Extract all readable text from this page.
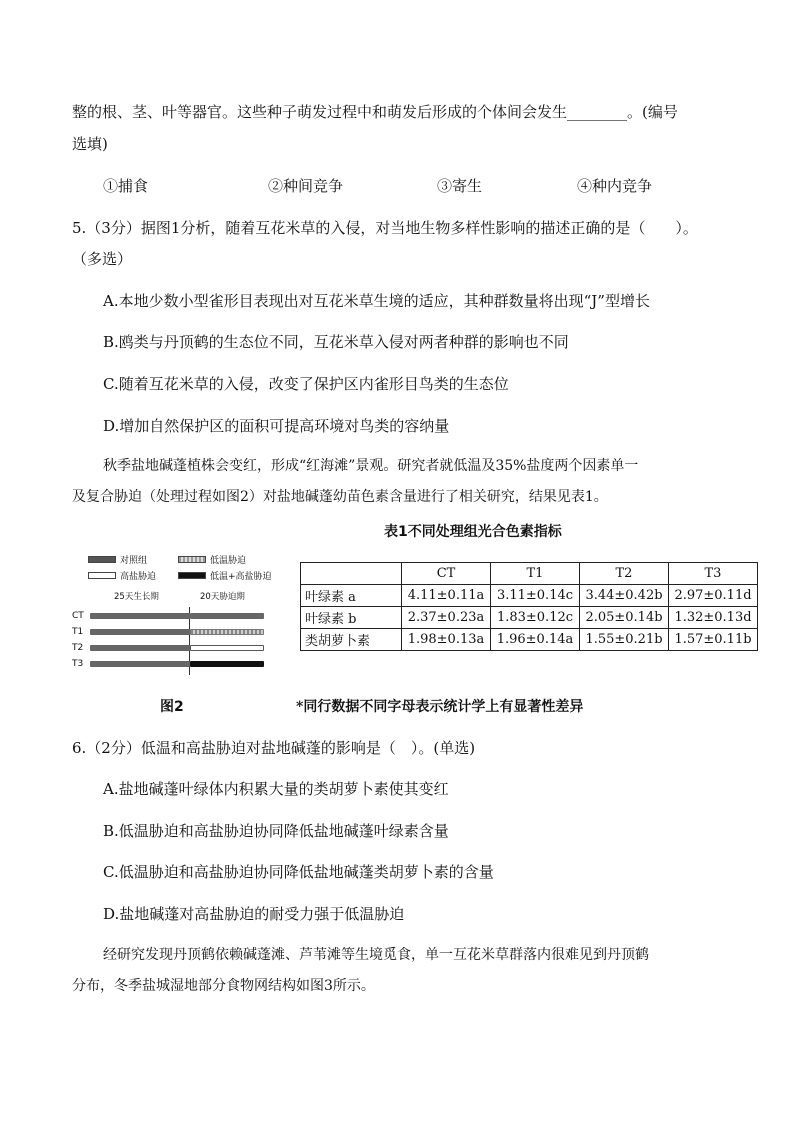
整的根、茎、叶等器官。这些种子萌发过程中和萌发后形成的个体间会发生________。(编号
选填)
①捕食	②种间竞争	③寄生	④种内竞争
5.（3分）据图1分析，随着互花米草的入侵，对当地生物多样性影响的描述正确的是（　　）。
（多选）
A.本地少数小型雀形目表现出对互花米草生境的适应，其种群数量将出现“J”型增长
B.鸥类与丹顶鹤的生态位不同，互花米草入侵对两者种群的影响也不同
C.随着互花米草的入侵，改变了保护区内雀形目鸟类的生态位
D.增加自然保护区的面积可提高环境对鸟类的容纳量
秋季盐地碱蓬植株会变红，形成“红海滩”景观。研究者就低温及35%盐度两个因素单一
及复合胁迫（处理过程如图2）对盐地碱蓬幼苗色素含量进行了相关研究，结果见表1。
表1不同处理组光合色素指标
对照组	低温胁迫
高盐胁迫	低温+高盐胁迫
25天生长期	20天胁迫期
CT
T1
T2
T3
	CT	T1	T2	T3
叶绿素 a	4.11±0.11a	3.11±0.14c	3.44±0.42b	2.97±0.11d
叶绿素 b	2.37±0.23a	1.83±0.12c	2.05±0.14b	1.32±0.13d
类胡萝卜素	1.98±0.13a	1.96±0.14a	1.55±0.21b	1.57±0.11b
图2	*同行数据不同字母表示统计学上有显著性差异
6.（2分）低温和高盐胁迫对盐地碱蓬的影响是（　）。(单选)
A.盐地碱蓬叶绿体内积累大量的类胡萝卜素使其变红
B.低温胁迫和高盐胁迫协同降低盐地碱蓬叶绿素含量
C.低温胁迫和高盐胁迫协同降低盐地碱蓬类胡萝卜素的含量
D.盐地碱蓬对高盐胁迫的耐受力强于低温胁迫
经研究发现丹顶鹤依赖碱蓬滩、芦苇滩等生境觅食，单一互花米草群落内很难见到丹顶鹤
分布，冬季盐城湿地部分食物网结构如图3所示。
